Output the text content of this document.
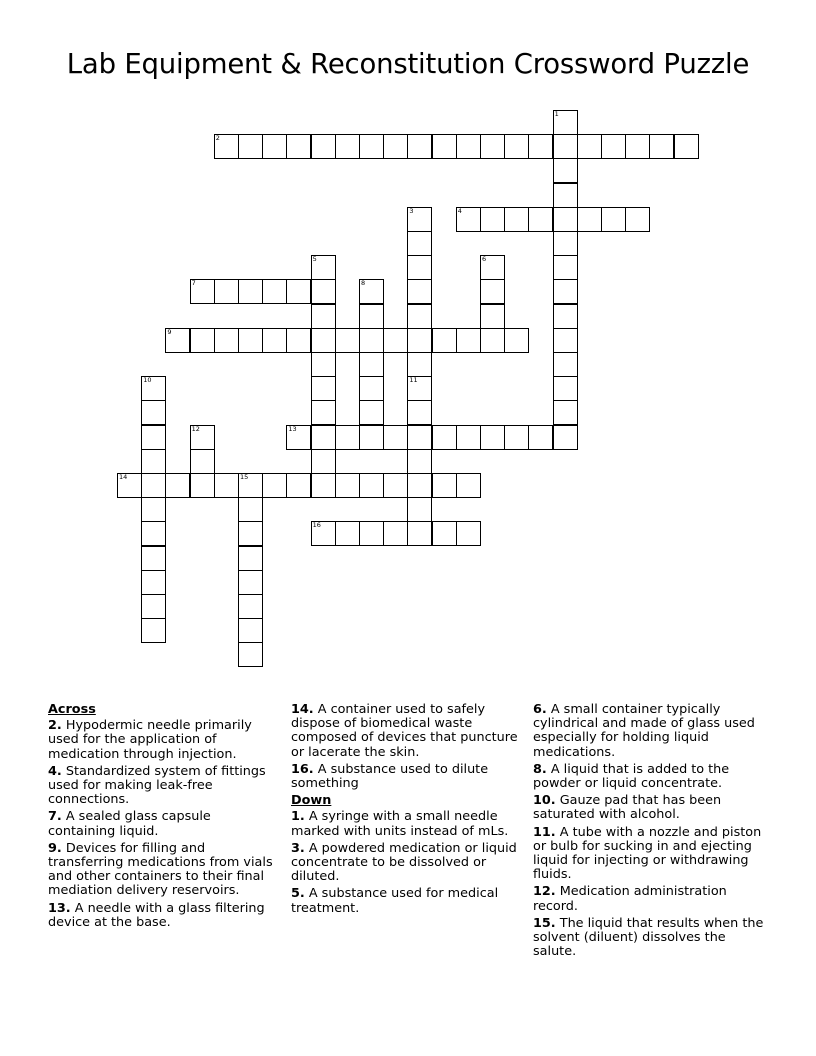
Lab Equipment & Reconstitution Crossword Puzzle
1
2
3
11
4
5	6
7	8
9
10
12	13
14	15
16
Across
2. Hypodermic needle primarily used for the application of medication through injection.
4. Standardized system of fittings used for making leak-free connections.
7. A sealed glass capsule containing liquid.
9. Devices for filling and transferring medications from vials and other containers to their final mediation delivery reservoirs.
13. A needle with a glass filtering device at the base.
14. A container used to safely dispose of biomedical waste composed of devices that puncture or lacerate the skin.
16. A substance used to dilute something
Down
1. A syringe with a small needle marked with units instead of mLs.
3. A powdered medication or liquid concentrate to be dissolved or diluted.
5. A substance used for medical treatment.
6. A small container typically cylindrical and made of glass used especially for holding liquid medications.
8. A liquid that is added to the powder or liquid concentrate.
10. Gauze pad that has been saturated with alcohol.
11. A tube with a nozzle and piston or bulb for sucking in and ejecting liquid for injecting or withdrawing fluids.
12. Medication administration record.
15. The liquid that results when the solvent (diluent) dissolves the salute.
